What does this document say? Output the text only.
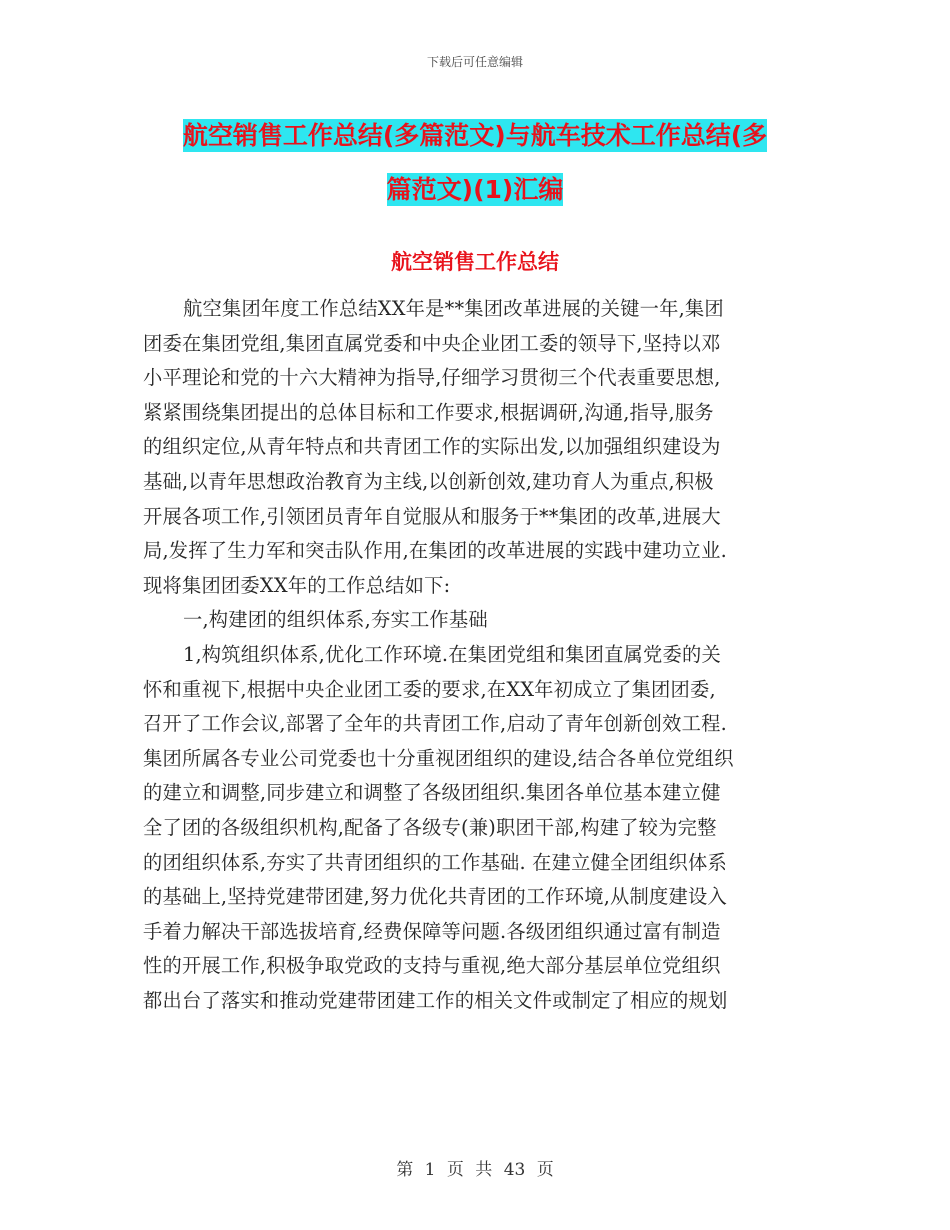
下载后可任意编辑
航空销售工作总结(多篇范文)与航车技术工作总结(多
篇范文)(1)汇编
航空销售工作总结
航空集团年度工作总结XX年是**集团改革进展的关键一年,集团
团委在集团党组,集团直属党委和中央企业团工委的领导下,坚持以邓
小平理论和党的十六大精神为指导,仔细学习贯彻三个代表重要思想,
紧紧围绕集团提出的总体目标和工作要求,根据调研,沟通,指导,服务
的组织定位,从青年特点和共青团工作的实际出发,以加强组织建设为
基础,以青年思想政治教育为主线,以创新创效,建功育人为重点,积极
开展各项工作,引领团员青年自觉服从和服务于**集团的改革,进展大
局,发挥了生力军和突击队作用,在集团的改革进展的实践中建功立业.
现将集团团委XX年的工作总结如下:
一,构建团的组织体系,夯实工作基础
1,构筑组织体系,优化工作环境.在集团党组和集团直属党委的关
怀和重视下,根据中央企业团工委的要求,在XX年初成立了集团团委,
召开了工作会议,部署了全年的共青团工作,启动了青年创新创效工程.
集团所属各专业公司党委也十分重视团组织的建设,结合各单位党组织
的建立和调整,同步建立和调整了各级团组织.集团各单位基本建立健
全了团的各级组织机构,配备了各级专(兼)职团干部,构建了较为完整
的团组织体系,夯实了共青团组织的工作基础. 在建立健全团组织体系
的基础上,坚持党建带团建,努力优化共青团的工作环境,从制度建设入
手着力解决干部选拔培育,经费保障等问题.各级团组织通过富有制造
性的开展工作,积极争取党政的支持与重视,绝大部分基层单位党组织
都出台了落实和推动党建带团建工作的相关文件或制定了相应的规划
第 1 页 共 43 页
